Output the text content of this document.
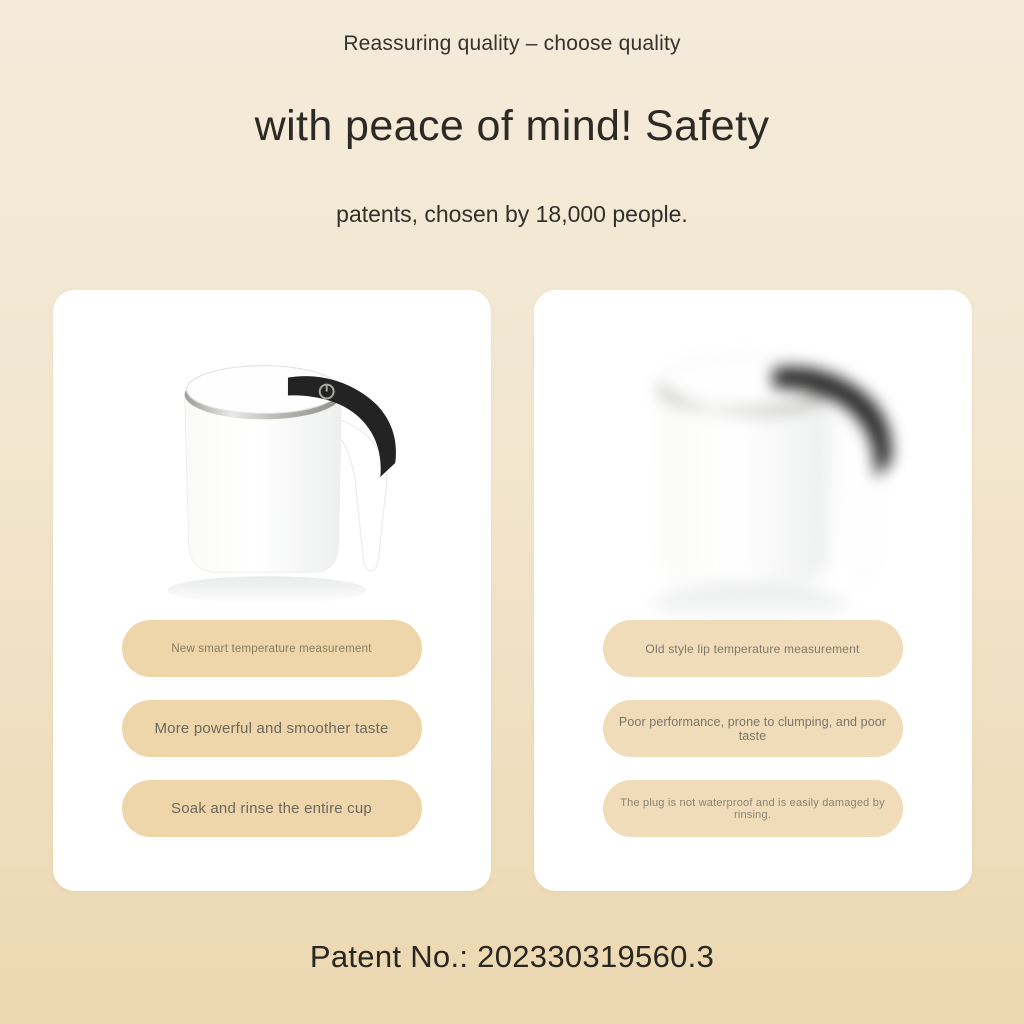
Reassuring quality – choose quality

with peace of mind! Safety

patents, chosen by 18,000 people.

New smart temperature measurement
More powerful and smoother taste
Soak and rinse the entire cup
Old style lip temperature measurement
Poor performance, prone to clumping, and poor taste
The plug is not waterproof and is easily damaged by rinsing.

Patent No.: 202330319560.3
